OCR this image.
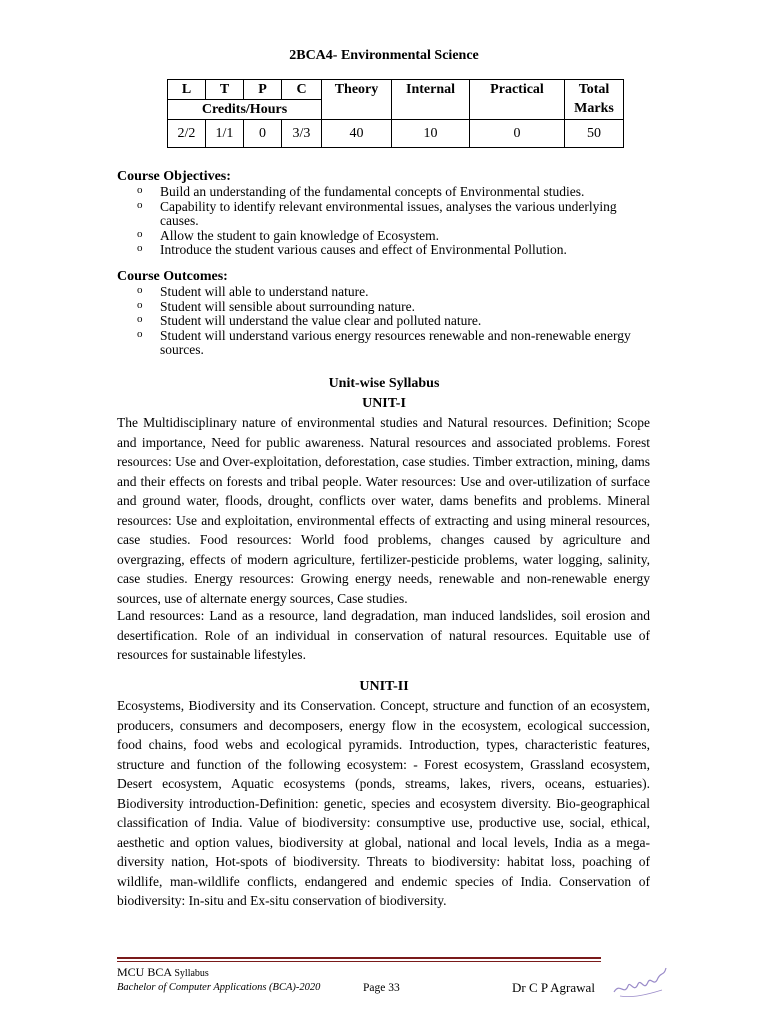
2BCA4- Environmental Science
L	T	P	C	Theory	Internal	Practical	Total
Marks

Credits/Hours							
2/2	1/1	0	3/3	40	10	0	50
Course Objectives:
o Build an understanding of the fundamental concepts of Environmental studies.
o Capability to identify relevant environmental issues, analyses the various underlying causes.
o Allow the student to gain knowledge of Ecosystem.
o Introduce the student various causes and effect of Environmental Pollution.
Course Outcomes:
o Student will able to understand nature.
o Student will sensible about surrounding nature.
o Student will understand the value clear and polluted nature.
o Student will understand various energy resources renewable and non-renewable energy sources.
Unit-wise Syllabus
UNIT-I

The Multidisciplinary nature of environmental studies and Natural resources. Definition; Scope and importance, Need for public awareness. Natural resources and associated problems. Forest resources: Use and Over-exploitation, deforestation, case studies. Timber extraction, mining, dams and their effects on forests and tribal people. Water resources: Use and over-utilization of surface and ground water, floods, drought, conflicts over water, dams benefits and problems. Mineral resources: Use and exploitation, environmental effects of extracting and using mineral resources, case studies. Food resources: World food problems, changes caused by agriculture and overgrazing, effects of modern agriculture, fertilizer-pesticide problems, water logging, salinity, case studies. Energy resources: Growing energy needs, renewable and non-renewable energy sources, use of alternate energy sources, Case studies.

Land resources: Land as a resource, land degradation, man induced landslides, soil erosion and desertification. Role of an individual in conservation of natural resources. Equitable use of resources for sustainable lifestyles.

UNIT-II

Ecosystems, Biodiversity and its Conservation. Concept, structure and function of an ecosystem, producers, consumers and decomposers, energy flow in the ecosystem, ecological succession, food chains, food webs and ecological pyramids. Introduction, types, characteristic features, structure and function of the following ecosystem: - Forest ecosystem, Grassland ecosystem, Desert ecosystem, Aquatic ecosystems (ponds, streams, lakes, rivers, oceans, estuaries). Biodiversity introduction-Definition: genetic, species and ecosystem diversity. Bio-geographical classification of India. Value of biodiversity: consumptive use, productive use, social, ethical, aesthetic and option values, biodiversity at global, national and local levels, India as a mega-diversity nation, Hot-spots of biodiversity. Threats to biodiversity: habitat loss, poaching of wildlife, man-wildlife conflicts, endangered and endemic species of India. Conservation of biodiversity: In-situ and Ex-situ conservation of biodiversity.

MCU BCA Syllabus
Bachelor of Computer Applications (BCA)-2020	Page 33	Dr C P Agrawal
